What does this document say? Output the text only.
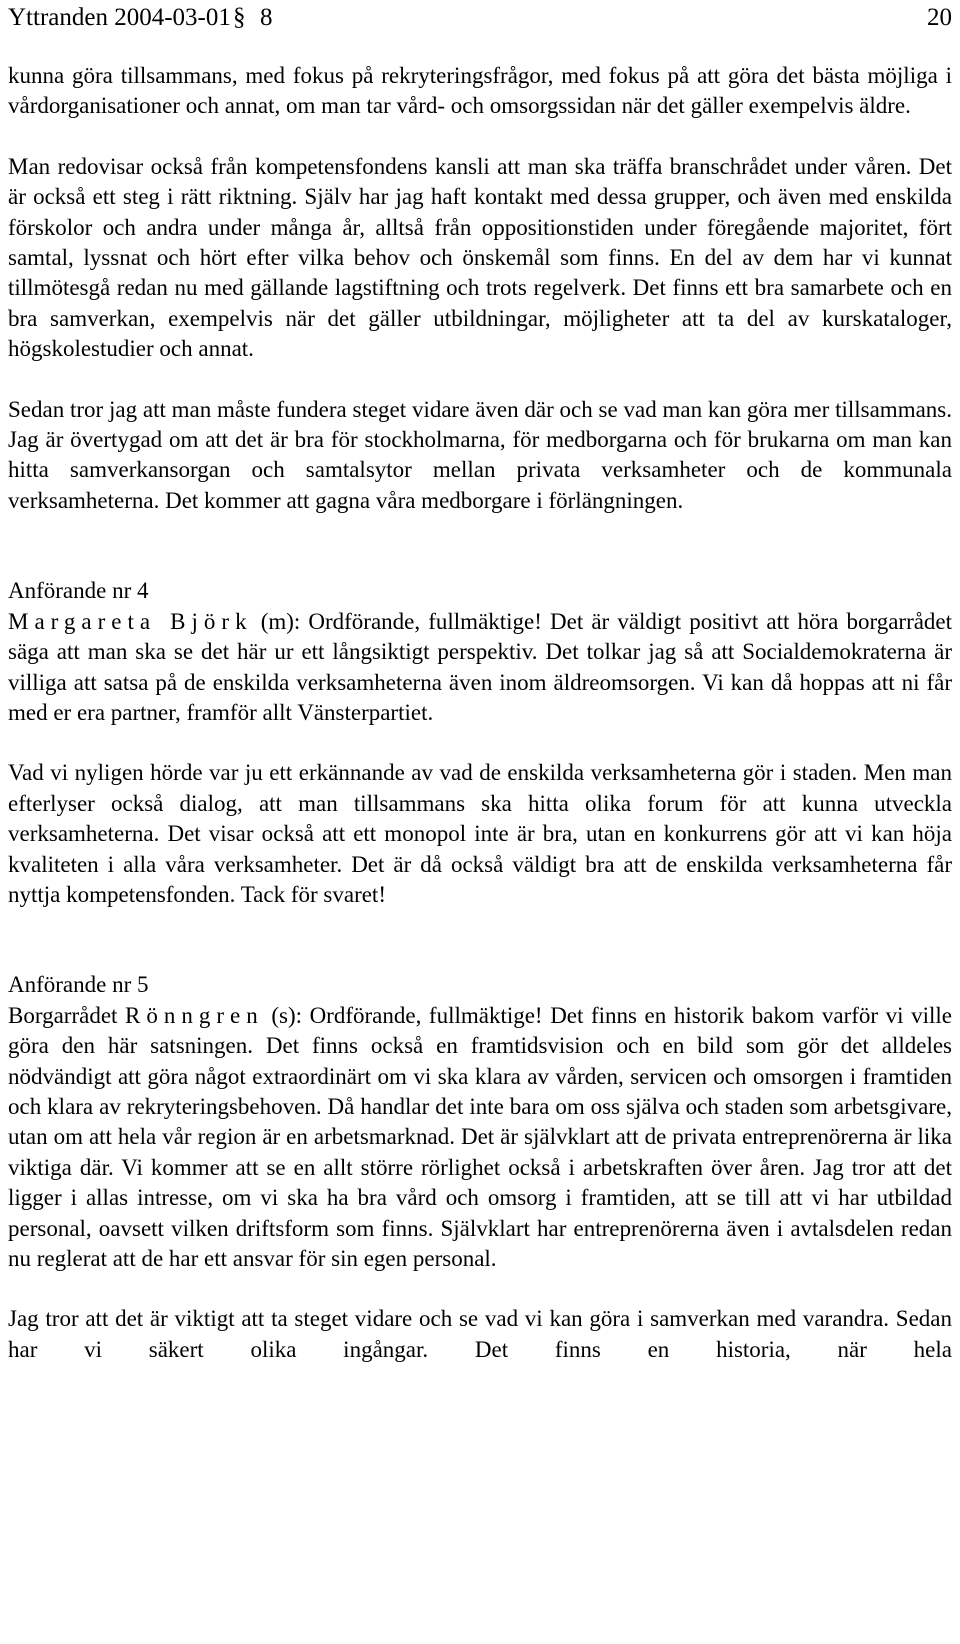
Yttranden 2004-03-01 § 8	20

kunna göra tillsammans, med fokus på rekryteringsfrågor, med fokus på att göra det bästa möjliga i vårdorganisationer och annat, om man tar vård- och omsorgssidan när det gäller exempelvis äldre.

Man redovisar också från kompetensfondens kansli att man ska träffa branschrådet under våren. Det är också ett steg i rätt riktning. Själv har jag haft kontakt med dessa grupper, och även med enskilda förskolor och andra under många år, alltså från oppositionstiden under föregående majoritet, fört samtal, lyssnat och hört efter vilka behov och önskemål som finns. En del av dem har vi kunnat tillmötesgå redan nu med gällande lagstiftning och trots regelverk. Det finns ett bra samarbete och en bra samverkan, exempelvis när det gäller utbildningar, möjligheter att ta del av kurskataloger, högskolestudier och annat.

Sedan tror jag att man måste fundera steget vidare även där och se vad man kan göra mer tillsammans. Jag är övertygad om att det är bra för stockholmarna, för medborgarna och för brukarna om man kan hitta samverkansorgan och samtalsytor mellan privata verksamheter och de kommunala verksamheterna. Det kommer att gagna våra medborgare i förlängningen.

Anförande nr 4

Margareta Björk (m): Ordförande, fullmäktige! Det är väldigt positivt att höra borgarrådet säga att man ska se det här ur ett långsiktigt perspektiv. Det tolkar jag så att Socialdemokraterna är villiga att satsa på de enskilda verksamheterna även inom äldreomsorgen. Vi kan då hoppas att ni får med er era partner, framför allt Vänsterpartiet.

Vad vi nyligen hörde var ju ett erkännande av vad de enskilda verksamheterna gör i staden. Men man efterlyser också dialog, att man tillsammans ska hitta olika forum för att kunna utveckla verksamheterna. Det visar också att ett monopol inte är bra, utan en konkurrens gör att vi kan höja kvaliteten i alla våra verksamheter. Det är då också väldigt bra att de enskilda verksamheterna får nyttja kompetensfonden. Tack för svaret!

Anförande nr 5

Borgarrådet Rönngren (s): Ordförande, fullmäktige! Det finns en historik bakom varför vi ville göra den här satsningen. Det finns också en framtidsvision och en bild som gör det alldeles nödvändigt att göra något extraordinärt om vi ska klara av vården, servicen och omsorgen i framtiden och klara av rekryteringsbehoven. Då handlar det inte bara om oss själva och staden som arbetsgivare, utan om att hela vår region är en arbetsmarknad. Det är självklart att de privata entreprenörerna är lika viktiga där. Vi kommer att se en allt större rörlighet också i arbetskraften över åren. Jag tror att det ligger i allas intresse, om vi ska ha bra vård och omsorg i framtiden, att se till att vi har utbildad personal, oavsett vilken driftsform som finns. Självklart har entreprenörerna även i avtalsdelen redan nu reglerat att de har ett ansvar för sin egen personal.

Jag tror att det är viktigt att ta steget vidare och se vad vi kan göra i samverkan med varandra. Sedan har vi säkert olika ingångar. Det finns en historia, när hela
